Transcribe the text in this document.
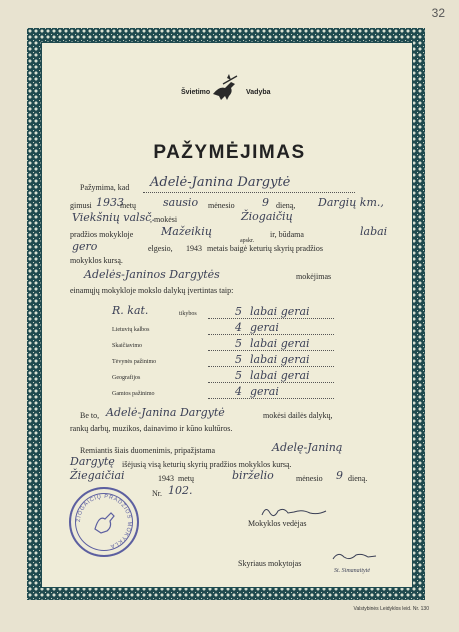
32
Švietimo	Vadyba
PAŽYMĖJIMAS
Pažymima, kad Adelė-Janina Dargytė
gimusi 1933
metų sausio mėnesio 9 dieną, Dargių km.,
Viekšnių valsč.
, mokėsi	Žiogaičių
pradžios mokykloje	Mažeikių
apskr.
ir, būdama	labai
gero	elgesio, 1943 metais baigė keturių skyrių pradžios
mokyklos kursą.
Adelės-Janinos Dargytės	mokėjimas
einamųjų mokykloje mokslo dalykų įvertintas taip:
R. kat.	tikybos	5 labai gerai
Lietuvių kalbos	4 gerai
Skaičiavimo	5 labai gerai
Tėvynės pažinimo	5 labai gerai
Geografijos	5 labai gerai
Gamtos pažinimo	4 gerai
Be to, Adelė-Janina Dargytė	mokėsi dailės dalykų,
rankų darbų, muzikos, dainavimo ir kūno kultūros.
Remiantis šiais duomenimis, pripažįstama	Adelę-Janiną
Dargytę išėjusią visą keturių skyrių pradžios mokyklos kursą.
Žiegaičiai	1943 metų	birželio	mėnesio 9 dieną.
Nr. 102.
Mokyklos vedėjas
Skyriaus mokytojas
St. Simanaitytė
ŽIOGAIČIŲ PRADŽIOS MOKYKLA
Valstybinės Leidyklos leid. Nr. 130
